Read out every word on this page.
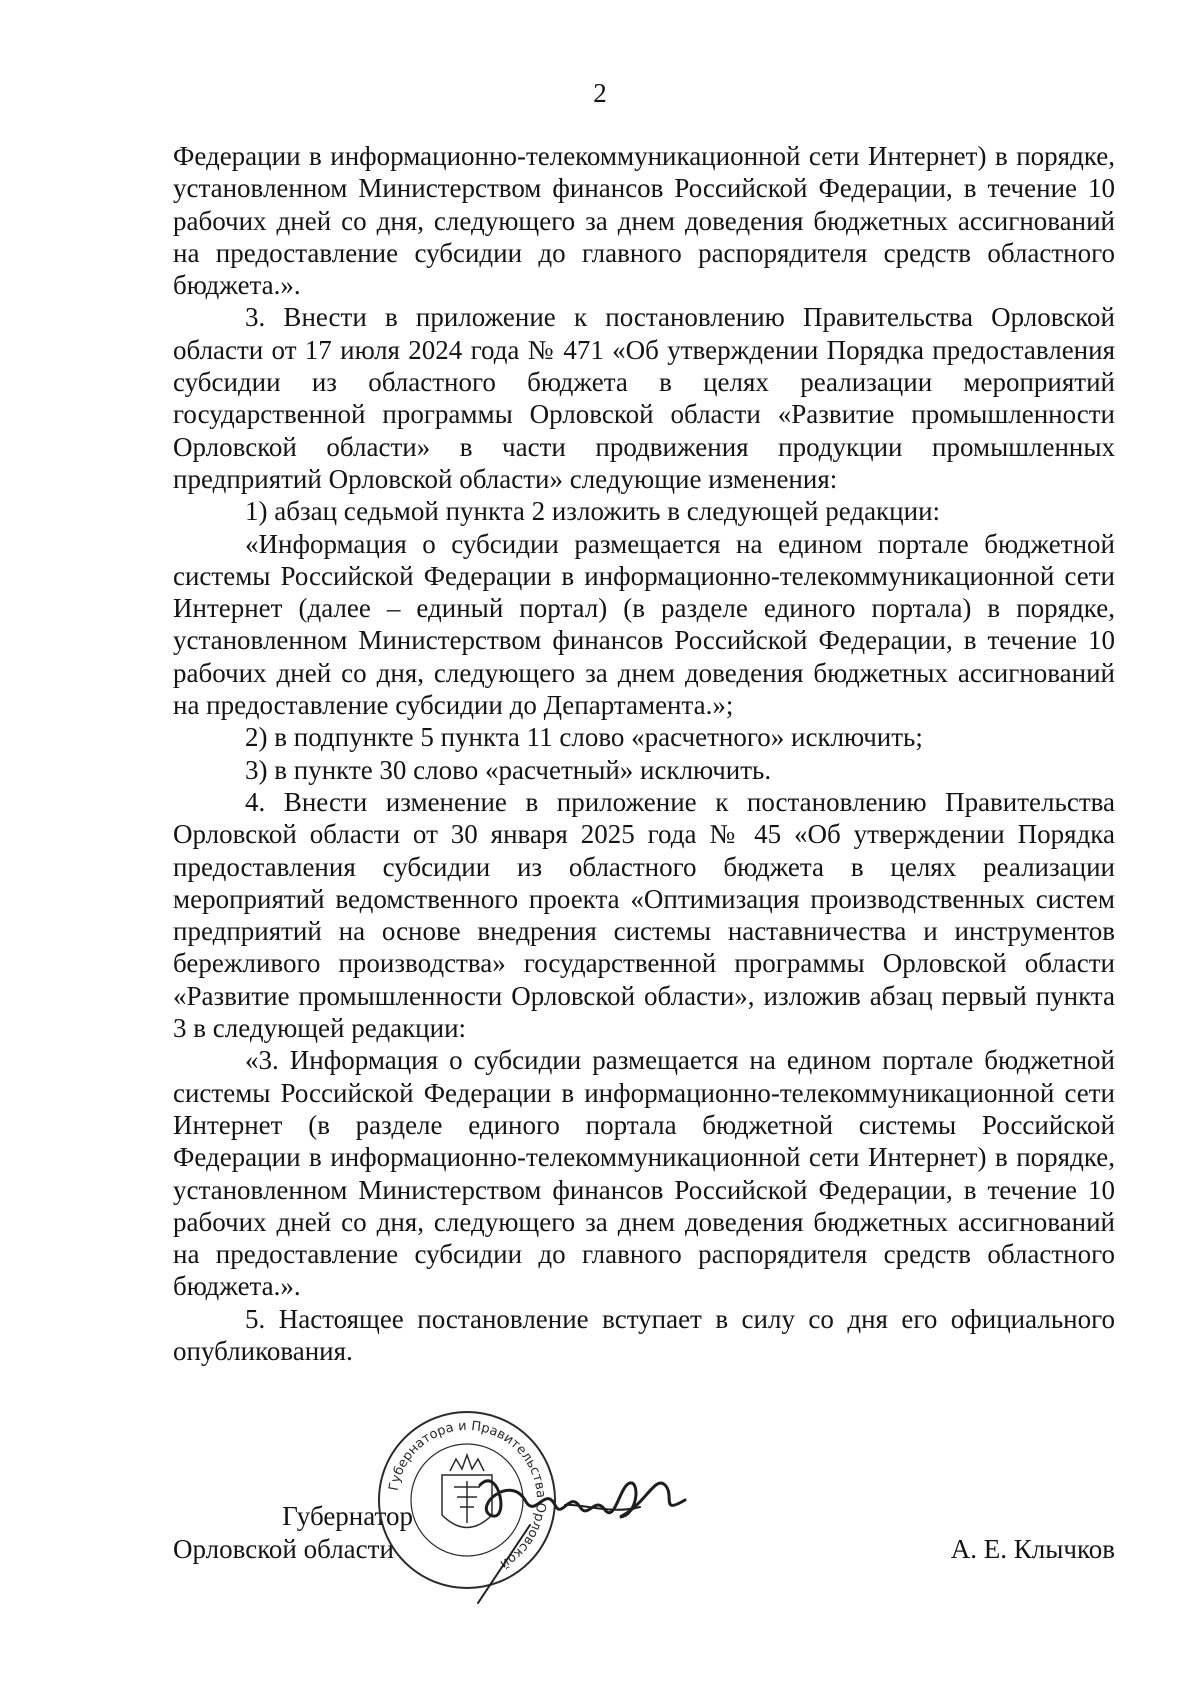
2

Федерации в информационно-телекоммуникационной сети Интернет) в порядке, установленном Министерством финансов Российской Федерации, в течение 10 рабочих дней со дня, следующего за днем доведения бюджетных ассигнований на предоставление субсидии до главного распорядителя средств областного бюджета.».

3. Внести в приложение к постановлению Правительства Орловской области от 17 июля 2024 года № 471 «Об утверждении Порядка предоставления субсидии из областного бюджета в целях реализации мероприятий государственной программы Орловской области «Развитие промышленности Орловской области» в части продвижения продукции промышленных предприятий Орловской области» следующие изменения:

1) абзац седьмой пункта 2 изложить в следующей редакции:

«Информация о субсидии размещается на едином портале бюджетной системы Российской Федерации в информационно-телекоммуникационной сети Интернет (далее – единый портал) (в разделе единого портала) в порядке, установленном Министерством финансов Российской Федерации, в течение 10 рабочих дней со дня, следующего за днем доведения бюджетных ассигнований на предоставление субсидии до Департамента.»;

2) в подпункте 5 пункта 11 слово «расчетного» исключить;

3) в пункте 30 слово «расчетный» исключить.

4. Внести изменение в приложение к постановлению Правительства Орловской области от 30 января 2025 года № 45 «Об утверждении Порядка предоставления субсидии из областного бюджета в целях реализации мероприятий ведомственного проекта «Оптимизация производственных систем предприятий на основе внедрения системы наставничества и инструментов бережливого производства» государственной программы Орловской области «Развитие промышленности Орловской области», изложив абзац первый пункта 3 в следующей редакции:

«3. Информация о субсидии размещается на едином портале бюджетной системы Российской Федерации в информационно-телекоммуникационной сети Интернет (в разделе единого портала бюджетной системы Российской Федерации в информационно-телекоммуникационной сети Интернет) в порядке, установленном Министерством финансов Российской Федерации, в течение 10 рабочих дней со дня, следующего за днем доведения бюджетных ассигнований на предоставление субсидии до главного распорядителя средств областного бюджета.».

5. Настоящее постановление вступает в силу со дня его официального опубликования.

Губернатор
Орловской области	А. Е. Клычков
Губернатора и Правительства Орловской
